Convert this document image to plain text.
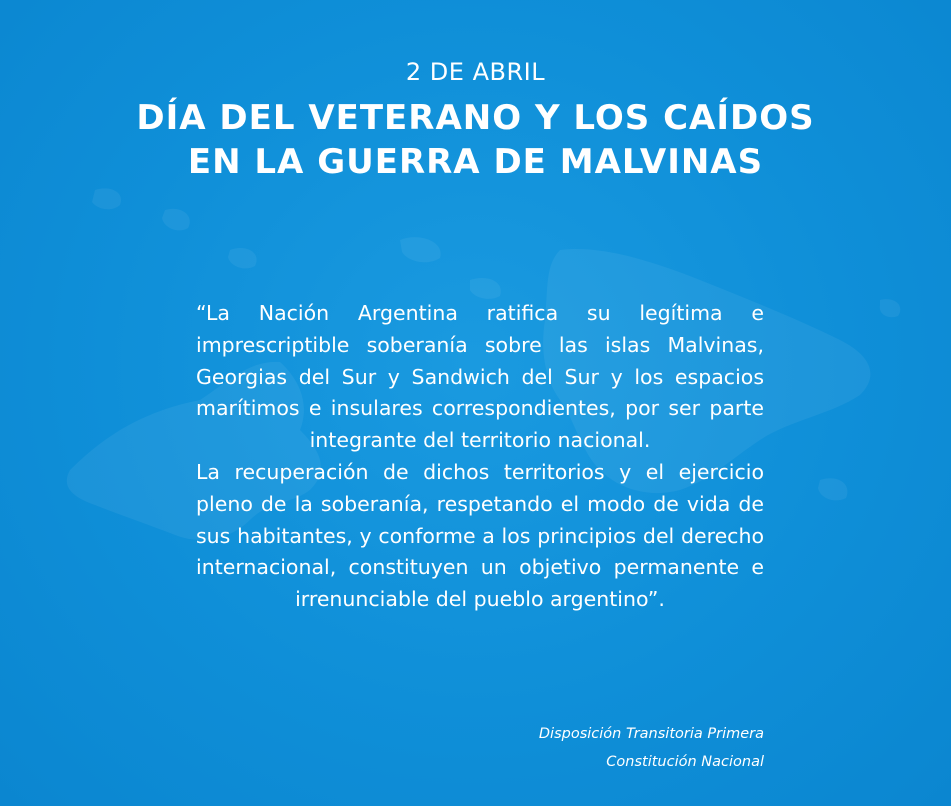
2 DE ABRIL
DÍA DEL VETERANO Y LOS CAÍDOS
EN LA GUERRA DE MALVINAS

“La Nación Argentina ratifica su legítima e imprescriptible soberanía sobre las islas Malvinas, Georgias del Sur y Sandwich del Sur y los espacios marítimos e insulares correspondientes, por ser parte integrante del territorio nacional.

La recuperación de dichos territorios y el ejercicio pleno de la soberanía, respetando el modo de vida de sus habitantes, y conforme a los principios del derecho internacional, constituyen un objetivo permanente e irrenunciable del pueblo argentino”.

Disposición Transitoria Primera
Constitución Nacional
